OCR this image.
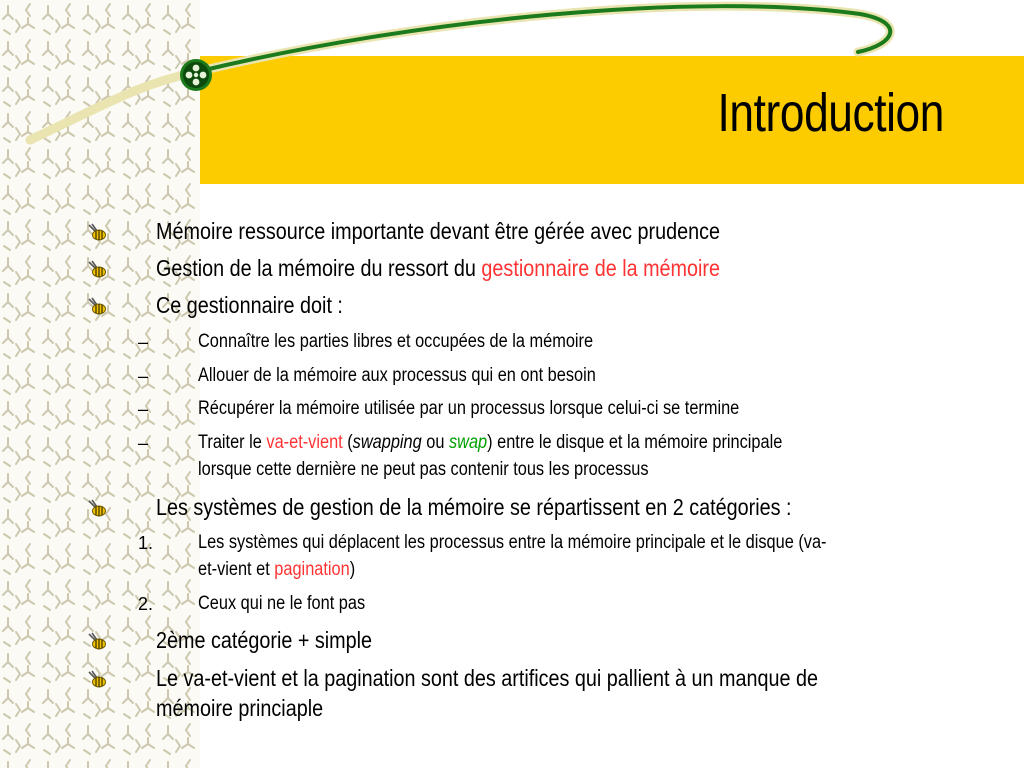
Introduction
Mémoire ressource importante devant être gérée avec prudence
Gestion de la mémoire du ressort du gestionnaire de la mémoire
Ce gestionnaire doit :
–	Connaître les parties libres et occupées de la mémoire
–	Allouer de la mémoire aux processus qui en ont besoin
–	Récupérer la mémoire utilisée par un processus lorsque celui-ci se termine
–	Traiter le va-et-vient (swapping ou swap) entre le disque et la mémoire principale
lorsque cette dernière ne peut pas contenir tous les processus
Les systèmes de gestion de la mémoire se répartissent en 2 catégories :
1. Les systèmes qui déplacent les processus entre la mémoire principale et le disque (va-
et-vient et pagination)
2. Ceux qui ne le font pas
2ème catégorie + simple
Le va-et-vient et la pagination sont des artifices qui pallient à un manque de
mémoire princiaple
